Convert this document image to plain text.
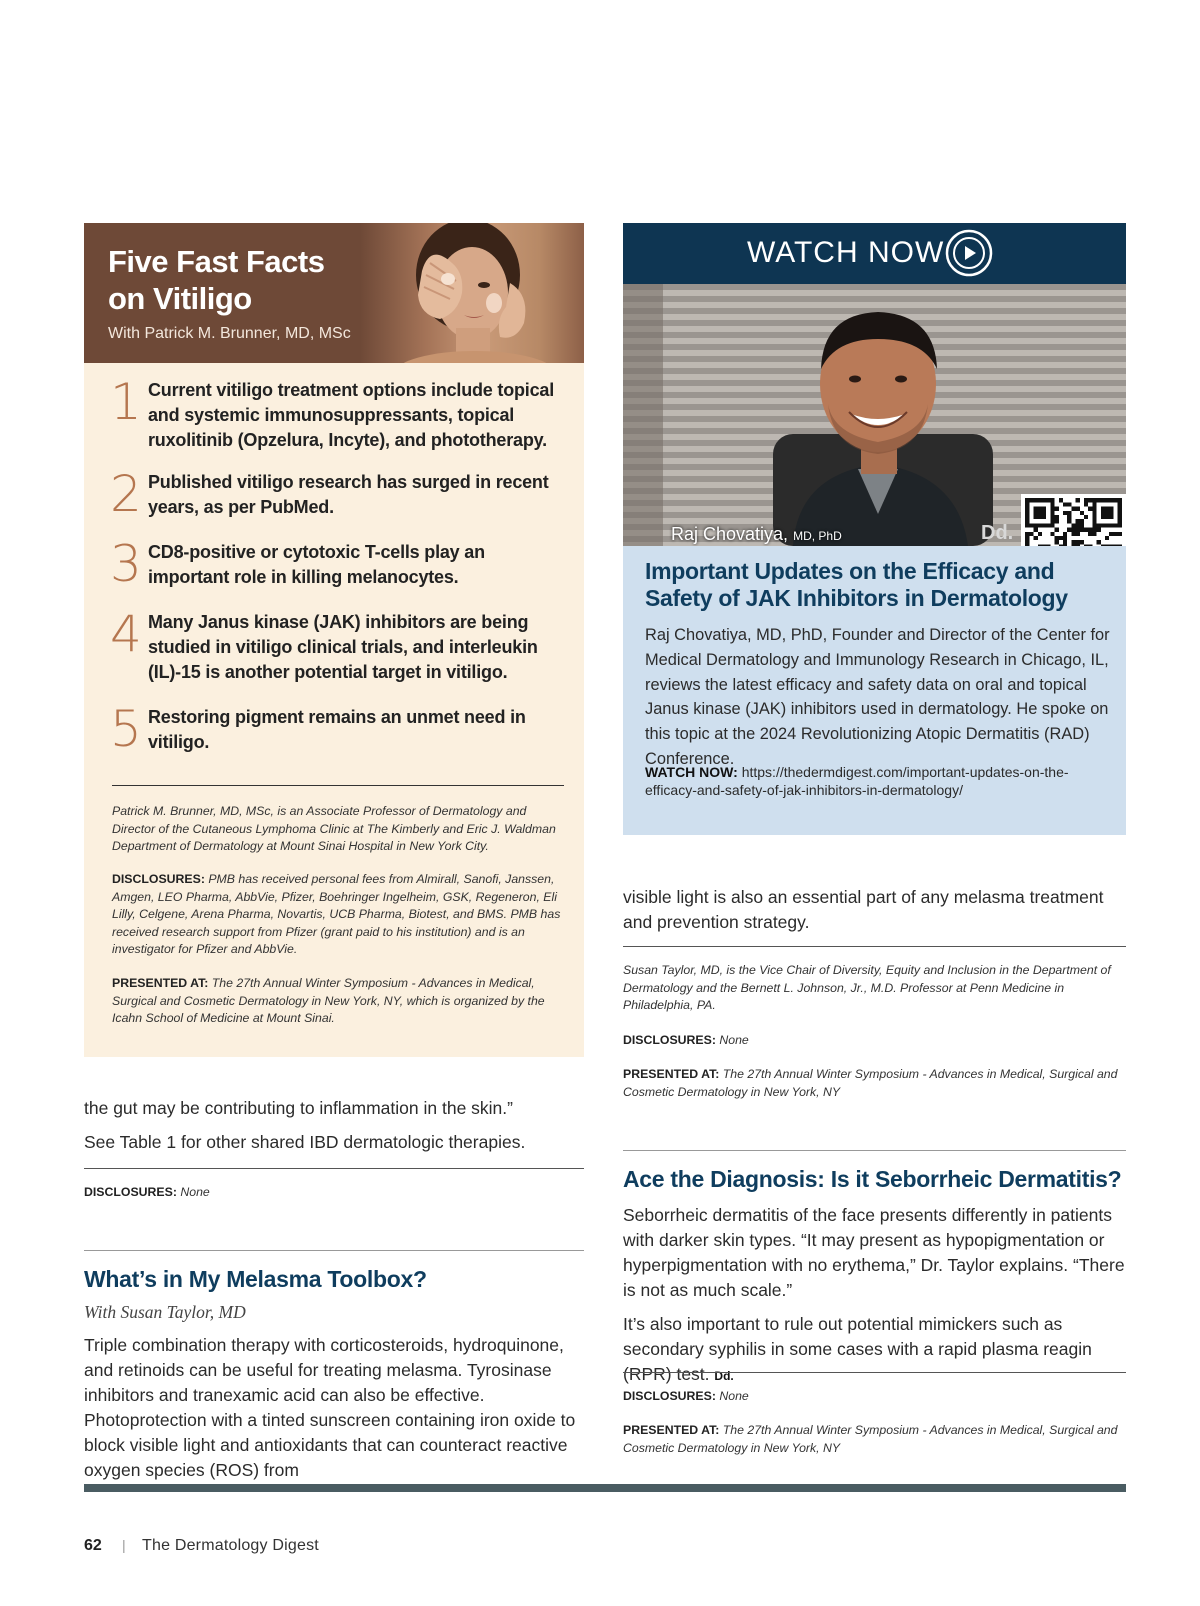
Five Fast Facts
on Vitiligo
With Patrick M. Brunner, MD, MSc
1 Current vitiligo treatment options include topical and systemic immunosuppressants, topical ruxolitinib (Opzelura, Incyte), and phototherapy.
2 Published vitiligo research has surged in recent years, as per PubMed.
3 CD8-positive or cytotoxic T-cells play an important role in killing melanocytes.
4 Many Janus kinase (JAK) inhibitors are being studied in vitiligo clinical trials, and interleukin (IL)-15 is another potential target in vitiligo.
5 Restoring pigment remains an unmet need in vitiligo.
Patrick M. Brunner, MD, MSc, is an Associate Professor of Dermatology and Director of the Cutaneous Lymphoma Clinic at The Kimberly and Eric J. Waldman Department of Dermatology at Mount Sinai Hospital in New York City.
DISCLOSURES: PMB has received personal fees from Almirall, Sanofi, Janssen, Amgen, LEO Pharma, AbbVie, Pfizer, Boehringer Ingelheim, GSK, Regeneron, Eli Lilly, Celgene, Arena Pharma, Novartis, UCB Pharma, Biotest, and BMS. PMB has received research support from Pfizer (grant paid to his institution) and is an investigator for Pfizer and AbbVie.
PRESENTED AT: The 27th Annual Winter Symposium - Advances in Medical, Surgical and Cosmetic Dermatology in New York, NY, which is organized by the Icahn School of Medicine at Mount Sinai.
the gut may be contributing to inflammation in the skin.”
See Table 1 for other shared IBD dermatologic therapies.
DISCLOSURES: None
What’s in My Melasma Toolbox?
With Susan Taylor, MD
Triple combination therapy with corticosteroids, hydroquinone, and retinoids can be useful for treating melasma. Tyrosinase inhibitors and tranexamic acid can also be effective. Photoprotection with a tinted sunscreen containing iron oxide to block visible light and antioxidants that can counteract reactive oxygen species (ROS) from
WATCH NOW
Raj Chovatiya, MD, PhD	Dd.
Important Updates on the Efficacy and Safety of JAK Inhibitors in Dermatology
Raj Chovatiya, MD, PhD, Founder and Director of the Center for Medical Dermatology and Immunology Research in Chicago, IL, reviews the latest efficacy and safety data on oral and topical Janus kinase (JAK) inhibitors used in dermatology. He spoke on this topic at the 2024 Revolutionizing Atopic Dermatitis (RAD) Conference.
WATCH NOW: https://thedermdigest.com/important-updates-on-the-efficacy-and-safety-of-jak-inhibitors-in-dermatology/
visible light is also an essential part of any melasma treatment and prevention strategy.
Susan Taylor, MD, is the Vice Chair of Diversity, Equity and Inclusion in the Department of Dermatology and the Bernett L. Johnson, Jr., M.D. Professor at Penn Medicine in Philadelphia, PA.
DISCLOSURES: None
PRESENTED AT: The 27th Annual Winter Symposium - Advances in Medical, Surgical and Cosmetic Dermatology in New York, NY
Ace the Diagnosis: Is it Seborrheic Dermatitis?
Seborrheic dermatitis of the face presents differently in patients with darker skin types. “It may present as hypopigmentation or hyperpigmentation with no erythema,” Dr. Taylor explains. “There is not as much scale.”
It’s also important to rule out potential mimickers such as secondary syphilis in some cases with a rapid plasma reagin (RPR) test. Dd.
DISCLOSURES: None
PRESENTED AT: The 27th Annual Winter Symposium - Advances in Medical, Surgical and Cosmetic Dermatology in New York, NY
62 | The Dermatology Digest
